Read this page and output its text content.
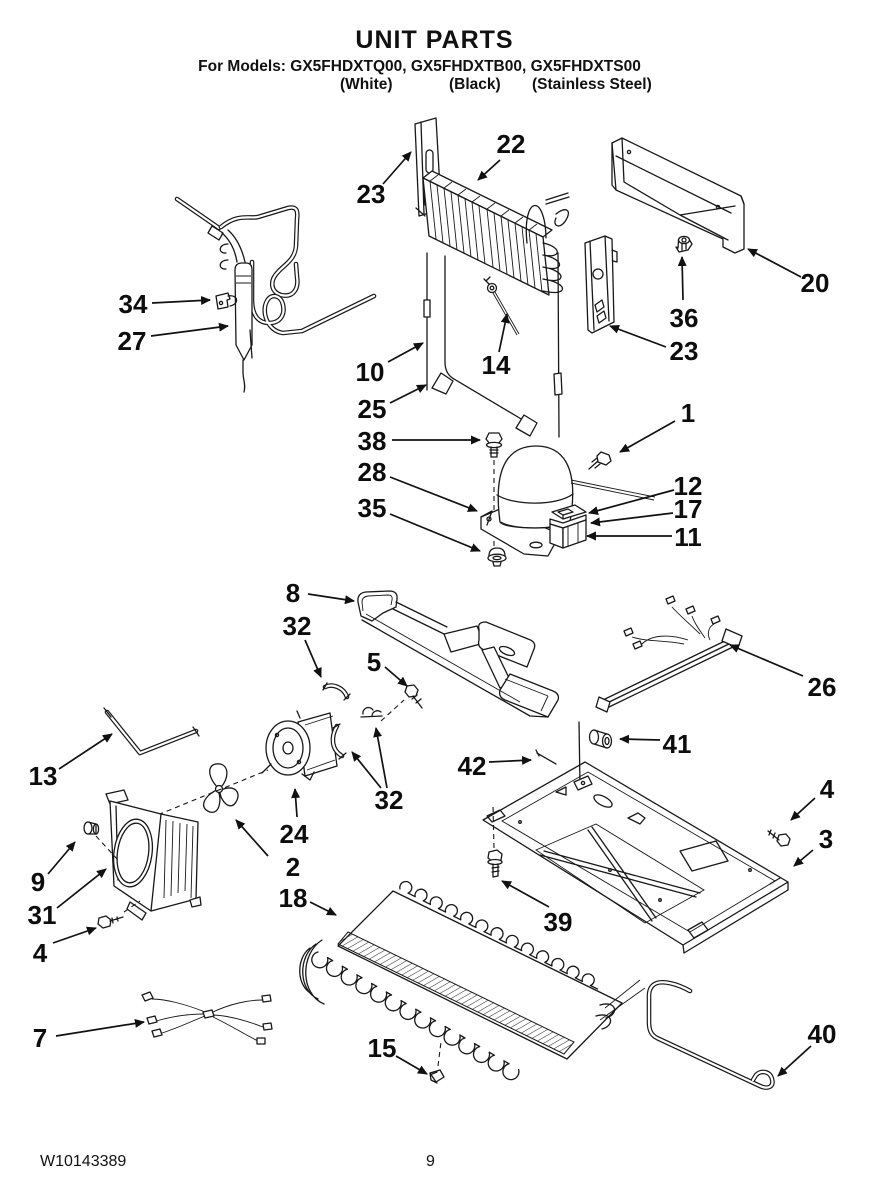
UNIT PARTS
For Models: GX5FHDXTQ00, GX5FHDXTB00, GX5FHDXTS00
(White)	(Black) (Stainless Steel)
22
23
20
36
23
34
27
10	14
25
38
28
35
1
12
17
11
8
32
5
26
13
41
42
24
2
32
9
31
4
4
3
18
39
7	15	40
W10143389	9
